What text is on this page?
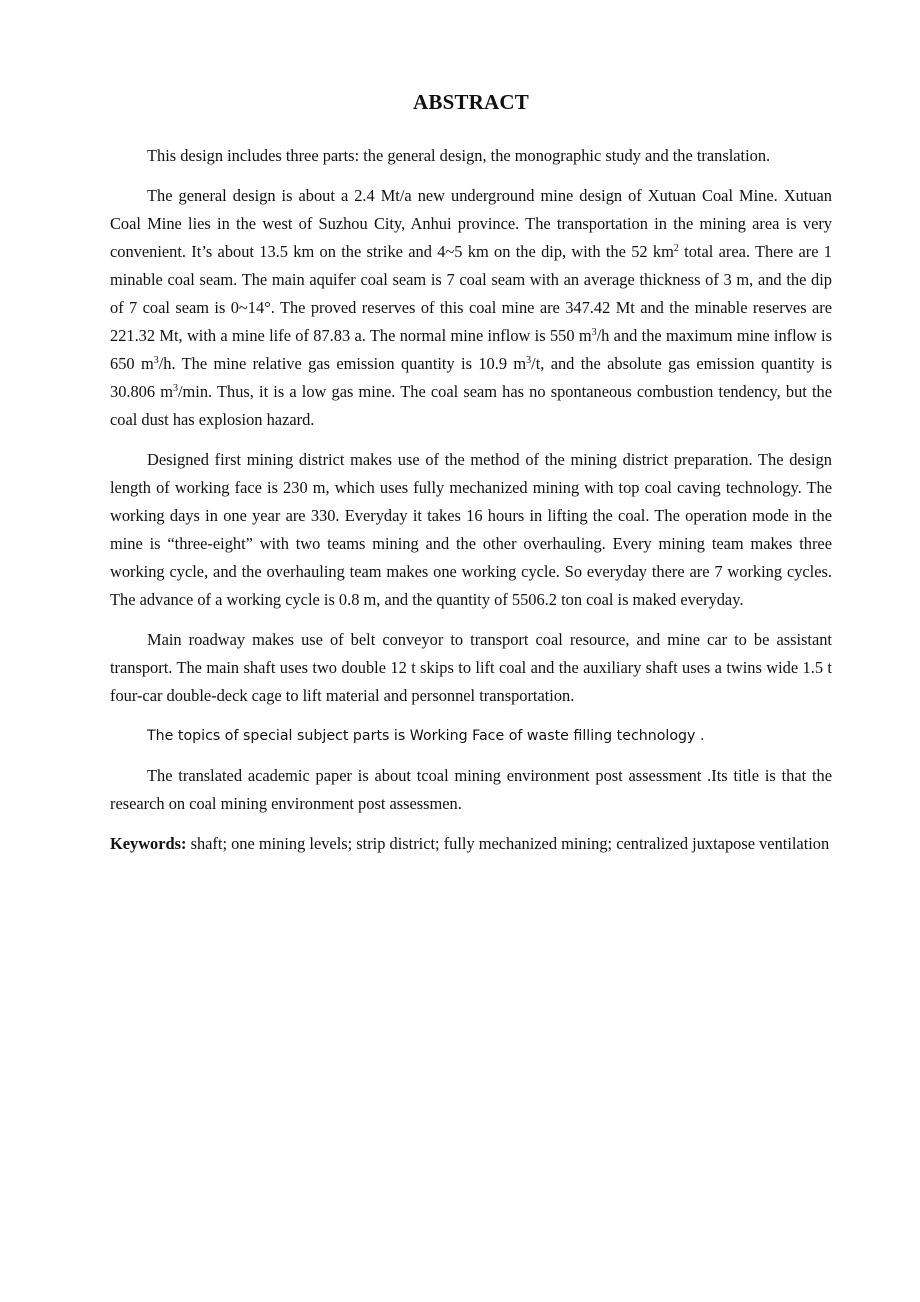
ABSTRACT

This design includes three parts: the general design, the monographic study and the translation.

The general design is about a 2.4 Mt/a new underground mine design of Xutuan Coal Mine. Xutuan Coal Mine lies in the west of Suzhou City, Anhui province. The transportation in the mining area is very convenient. It’s about 13.5 km on the strike and 4~5 km on the dip, with the 52 $km^2$ total area. There are 1 minable coal seam. The main aquifer coal seam is 7 coal seam with an average thickness of 3 m, and the dip of 7 coal seam is 0~14°. The proved reserves of this coal mine are 347.42 Mt and the minable reserves are 221.32 Mt, with a mine life of 87.83 a. The normal mine inflow is 550 $m^3/h$ and the maximum mine inflow is 650 $m^3/h$. The mine relative gas emission quantity is 10.9 $m^3/t$, and the absolute gas emission quantity is 30.806 $m^3/\min$. Thus, it is a low gas mine. The coal seam has no spontaneous combustion tendency, but the coal dust has explosion hazard.

Designed first mining district makes use of the method of the mining district preparation. The design length of working face is 230 m, which uses fully mechanized mining with top coal caving technology. The working days in one year are 330. Everyday it takes 16 hours in lifting the coal. The operation mode in the mine is “three-eight” with two teams mining and the other overhauling. Every mining team makes three working cycle, and the overhauling team makes one working cycle. So everyday there are 7 working cycles. The advance of a working cycle is 0.8 m, and the quantity of 5506.2 ton coal is maked everyday.

Main roadway makes use of belt conveyor to transport coal resource, and mine car to be assistant transport. The main shaft uses two double 12 t skips to lift coal and the auxiliary shaft uses a twins wide 1.5 t four-car double-deck cage to lift material and personnel transportation.

The topics of special subject parts is Working Face of waste filling technology .

The translated academic paper is about tcoal mining environment post assessment .Its title is that the research on coal mining environment post assessmen.

Keywords: shaft; one mining levels; strip district; fully mechanized mining; centralized juxtapose ventilation
